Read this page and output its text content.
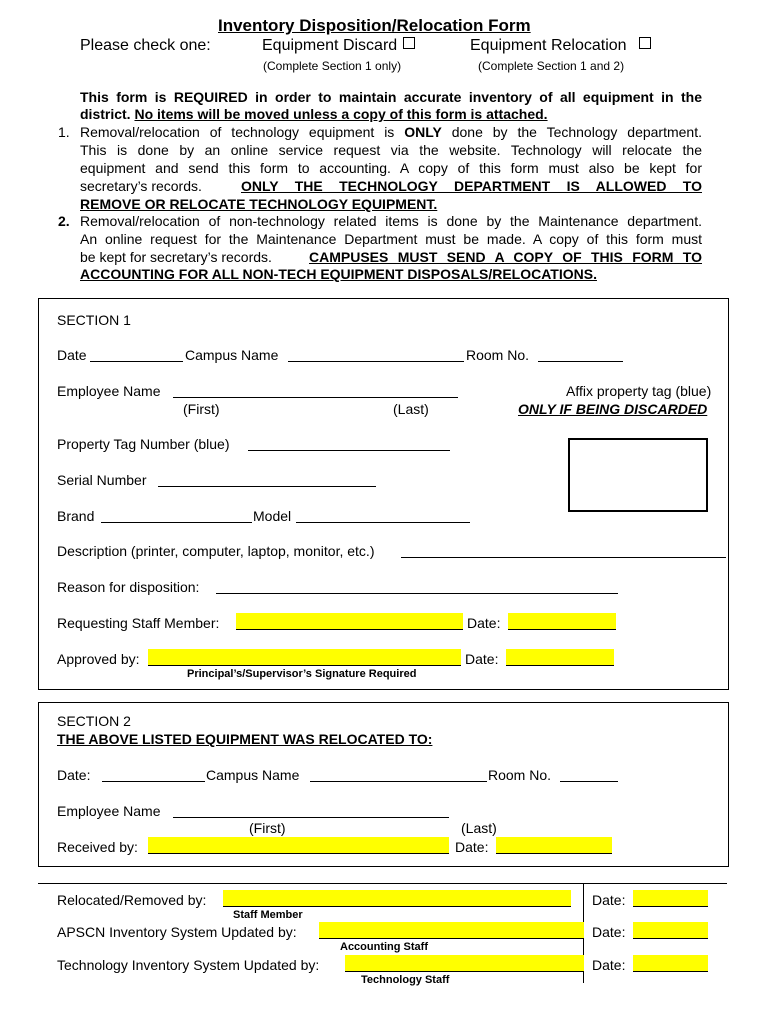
Inventory Disposition/Relocation Form
Please check one:	Equipment Discard	Equipment Relocation
(Complete Section 1 only)	(Complete Section 1 and 2)
This form is REQUIRED in order to maintain accurate inventory of all equipment in the
district. No items will be moved unless a copy of this form is attached.
1. Removal/relocation of technology equipment is ONLY done by the Technology department.
This is done by an online service request via the website. Technology will relocate the
equipment and send this form to accounting. A copy of this form must also be kept for
secretary’s records.	ONLY THE TECHNOLOGY DEPARTMENT IS ALLOWED TO
REMOVE OR RELOCATE TECHNOLOGY EQUIPMENT.
2. Removal/relocation of non-technology related items is done by the Maintenance department.
An online request for the Maintenance Department must be made. A copy of this form must
be kept for secretary’s records.	CAMPUSES MUST SEND A COPY OF THIS FORM TO
ACCOUNTING FOR ALL NON-TECH EQUIPMENT DISPOSALS/RELOCATIONS.
SECTION 1
Date	Campus Name	Room No.
Employee Name
(First)	(Last)
Affix property tag (blue)
ONLY IF BEING DISCARDED
Property Tag Number (blue)
Serial Number
Brand	Model
Description (printer, computer, laptop, monitor, etc.)
Reason for disposition:
Requesting Staff Member:	Date:
Approved by:	Date:
Principal’s/Supervisor’s Signature Required
SECTION 2
THE ABOVE LISTED EQUIPMENT WAS RELOCATED TO:
Date:	Campus Name	Room No.
Employee Name
(First)	(Last)
Received by:	Date:
Relocated/Removed by:	Date:
Staff Member
APSCN Inventory System Updated by:	Date:
Accounting Staff
Technology Inventory System Updated by:	Date:
Technology Staff
